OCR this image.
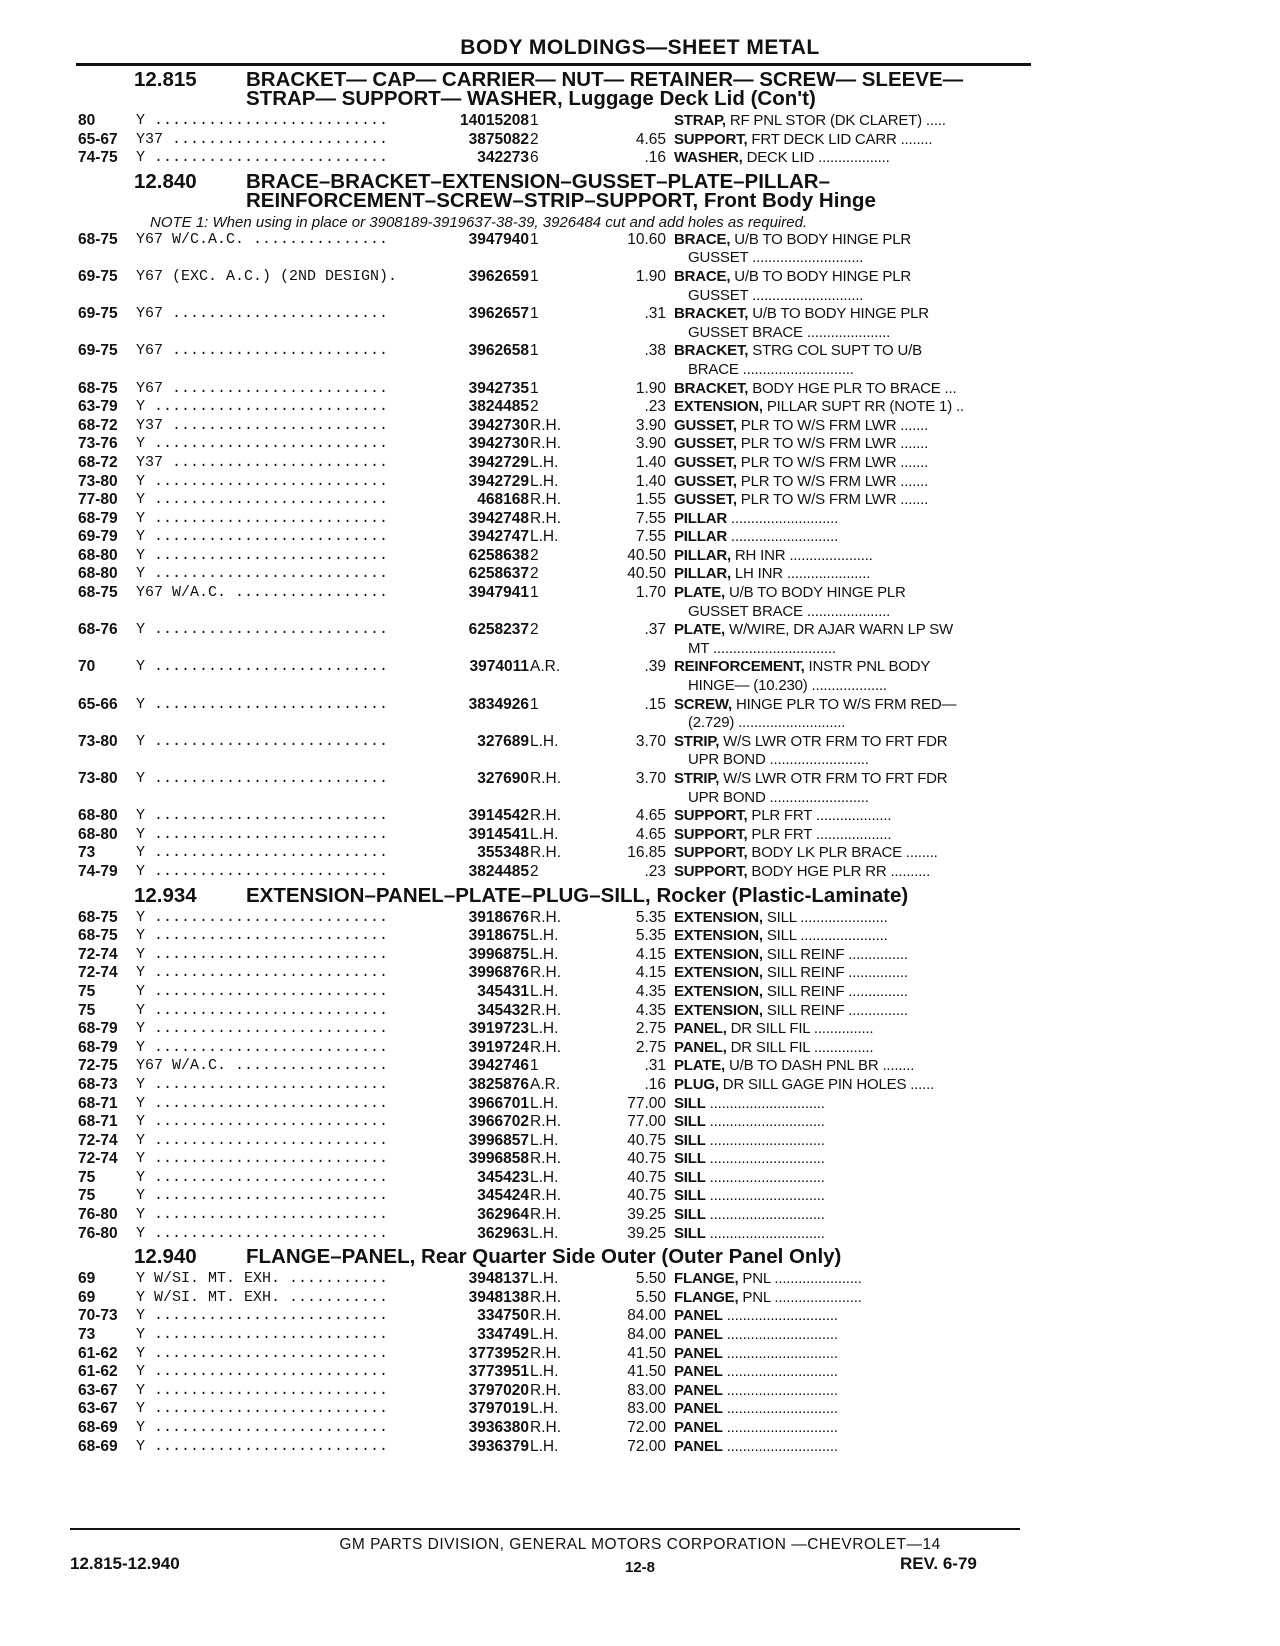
BODY MOLDINGS—SHEET METAL
12.815 BRACKET— CAP— CARRIER— NUT— RETAINER— SCREW— SLEEVE—
STRAP— SUPPORT— WASHER, Luggage Deck Lid (Con't)
80	Y ..........................	14015208 1	STRAP, RF PNL STOR (DK CLARET) .....
65-67	Y37 ........................	3875082 2	4.65 SUPPORT, FRT DECK LID CARR ........
74-75	Y ..........................	342273 6	.16 WASHER, DECK LID ..................
12.840 BRACE–BRACKET–EXTENSION–GUSSET–PLATE–PILLAR–
REINFORCEMENT–SCREW–STRIP–SUPPORT, Front Body Hinge
NOTE 1: When using in place or 3908189-3919637-38-39, 3926484 cut and add holes as required.
68-75	Y67 W/C.A.C. ...............	3947940 1	10.60 BRACE, U/B TO BODY HINGE PLR
GUSSET ............................
69-75	Y67 (EXC. A.C.) (2ND DESIGN).	3962659 1	1.90 BRACE, U/B TO BODY HINGE PLR
GUSSET ............................
69-75	Y67 ........................	3962657 1	.31 BRACKET, U/B TO BODY HINGE PLR
GUSSET BRACE .....................
69-75	Y67 ........................	3962658 1	.38 BRACKET, STRG COL SUPT TO U/B
BRACE ............................
68-75	Y67 ........................	3942735 1	1.90 BRACKET, BODY HGE PLR TO BRACE ...
63-79	Y ..........................	3824485 2	.23 EXTENSION, PILLAR SUPT RR (NOTE 1) ..
68-72	Y37 ........................	3942730 R.H.	3.90 GUSSET, PLR TO W/S FRM LWR .......
73-76	Y ..........................	3942730 R.H.	3.90 GUSSET, PLR TO W/S FRM LWR .......
68-72	Y37 ........................	3942729 L.H.	1.40 GUSSET, PLR TO W/S FRM LWR .......
73-80	Y ..........................	3942729 L.H.	1.40 GUSSET, PLR TO W/S FRM LWR .......
77-80	Y ..........................	468168 R.H.	1.55 GUSSET, PLR TO W/S FRM LWR .......
68-79	Y ..........................	3942748 R.H.	7.55 PILLAR ...........................
69-79	Y ..........................	3942747 L.H.	7.55 PILLAR ...........................
68-80	Y ..........................	6258638 2	40.50 PILLAR, RH INR .....................
68-80	Y ..........................	6258637 2	40.50 PILLAR, LH INR .....................
68-75	Y67 W/A.C. .................	3947941 1	1.70 PLATE, U/B TO BODY HINGE PLR
GUSSET BRACE .....................
68-76	Y ..........................	6258237 2	.37 PLATE, W/WIRE, DR AJAR WARN LP SW
MT ...............................
70	Y ..........................	3974011 A.R.	.39 REINFORCEMENT, INSTR PNL BODY
HINGE— (10.230) ...................
65-66	Y ..........................	3834926 1	.15 SCREW, HINGE PLR TO W/S FRM RED—
(2.729) ...........................
73-80	Y ..........................	327689 L.H.	3.70 STRIP, W/S LWR OTR FRM TO FRT FDR
UPR BOND .........................
73-80	Y ..........................	327690 R.H.	3.70 STRIP, W/S LWR OTR FRM TO FRT FDR
UPR BOND .........................
68-80	Y ..........................	3914542 R.H.	4.65 SUPPORT, PLR FRT ...................
68-80	Y ..........................	3914541 L.H.	4.65 SUPPORT, PLR FRT ...................
73	Y ..........................	355348 R.H.	16.85 SUPPORT, BODY LK PLR BRACE ........
74-79	Y ..........................	3824485 2	.23 SUPPORT, BODY HGE PLR RR ..........
12.934 EXTENSION–PANEL–PLATE–PLUG–SILL, Rocker (Plastic-Laminate)
68-75	Y ..........................	3918676 R.H.	5.35 EXTENSION, SILL ......................
68-75	Y ..........................	3918675 L.H.	5.35 EXTENSION, SILL ......................
72-74	Y ..........................	3996875 L.H.	4.15 EXTENSION, SILL REINF ...............
72-74	Y ..........................	3996876 R.H.	4.15 EXTENSION, SILL REINF ...............
75	Y ..........................	345431 L.H.	4.35 EXTENSION, SILL REINF ...............
75	Y ..........................	345432 R.H.	4.35 EXTENSION, SILL REINF ...............
68-79	Y ..........................	3919723 L.H.	2.75 PANEL, DR SILL FIL ...............
68-79	Y ..........................	3919724 R.H.	2.75 PANEL, DR SILL FIL ...............
72-75	Y67 W/A.C. .................	3942746 1	.31 PLATE, U/B TO DASH PNL BR ........
68-73	Y ..........................	3825876 A.R.	.16 PLUG, DR SILL GAGE PIN HOLES ......
68-71	Y ..........................	3966701 L.H.	77.00 SILL .............................
68-71	Y ..........................	3966702 R.H.	77.00 SILL .............................
72-74	Y ..........................	3996857 L.H.	40.75 SILL .............................
72-74	Y ..........................	3996858 R.H.	40.75 SILL .............................
75	Y ..........................	345423 L.H.	40.75 SILL .............................
75	Y ..........................	345424 R.H.	40.75 SILL .............................
76-80	Y ..........................	362964 R.H.	39.25 SILL .............................
76-80	Y ..........................	362963 L.H.	39.25 SILL .............................
12.940 FLANGE–PANEL, Rear Quarter Side Outer (Outer Panel Only)
69	Y W/SI. MT. EXH. ...........	3948137 L.H.	5.50 FLANGE, PNL ......................
69	Y W/SI. MT. EXH. ...........	3948138 R.H.	5.50 FLANGE, PNL ......................
70-73	Y ..........................	334750 R.H.	84.00 PANEL ............................
73	Y ..........................	334749 L.H.	84.00 PANEL ............................
61-62	Y ..........................	3773952 R.H.	41.50 PANEL ............................
61-62	Y ..........................	3773951 L.H.	41.50 PANEL ............................
63-67	Y ..........................	3797020 R.H.	83.00 PANEL ............................
63-67	Y ..........................	3797019 L.H.	83.00 PANEL ............................
68-69	Y ..........................	3936380 R.H.	72.00 PANEL ............................
68-69	Y ..........................	3936379 L.H.	72.00 PANEL ............................
GM PARTS DIVISION, GENERAL MOTORS CORPORATION —CHEVROLET—14
12.815-12.940	12-8	REV. 6-79
